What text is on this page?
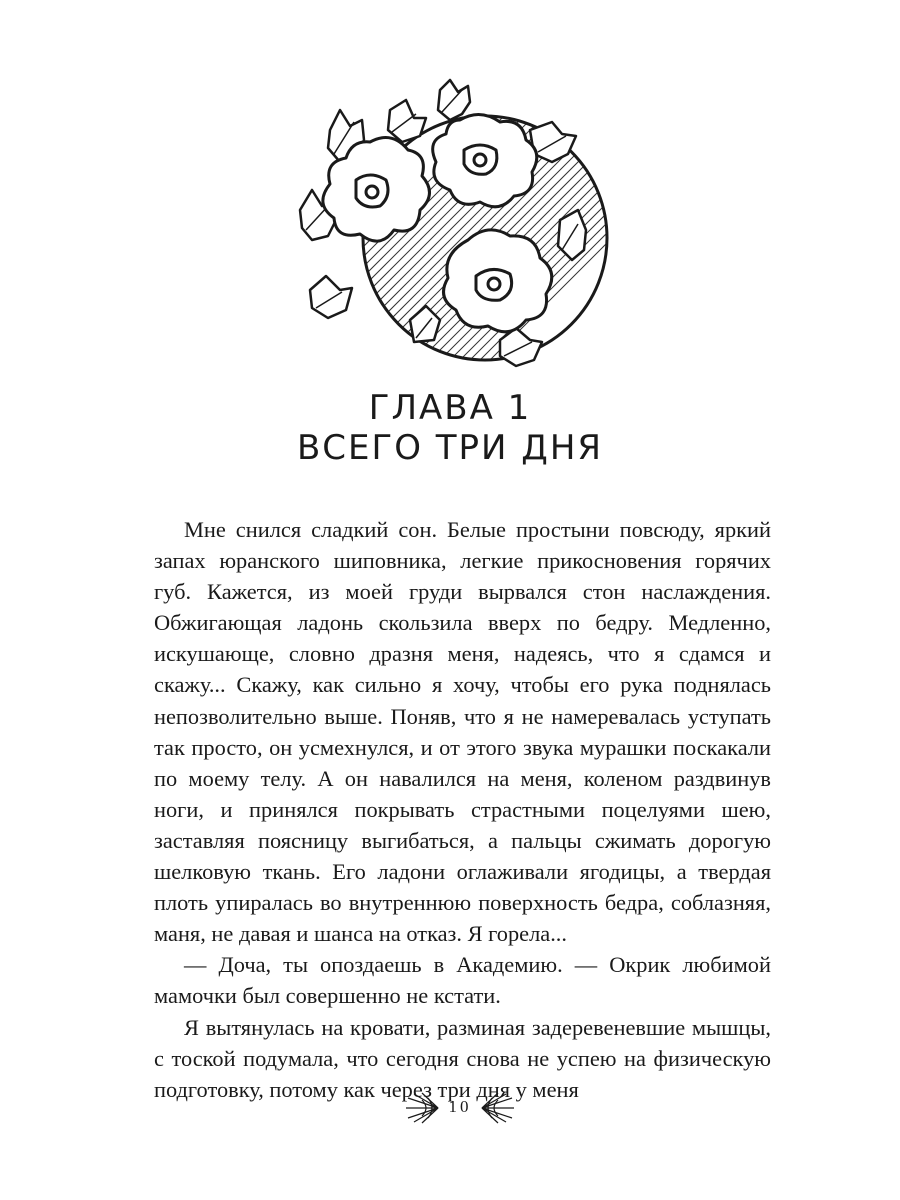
ГЛАВА 1
ВСЕГО ТРИ ДНЯ

Мне снился сладкий сон. Белые простыни повсюду, яркий запах юранского шиповника, легкие прикосновения горячих губ. Кажется, из моей груди вырвался стон наслаждения. Обжигающая ладонь скользила вверх по бедру. Медленно, искушающе, словно дразня меня, надеясь, что я сдамся и скажу... Скажу, как сильно я хочу, чтобы его рука поднялась непозволительно выше. Поняв, что я не намеревалась уступать так просто, он усмехнулся, и от этого звука мурашки поскакали по моему телу. А он навалился на меня, коленом раздвинув ноги, и принялся покрывать страстными поцелуями шею, заставляя поясницу выгибаться, а пальцы сжимать дорогую шелковую ткань. Его ладони оглаживали ягодицы, а твердая плоть упиралась во внутреннюю поверхность бедра, соблазняя, маня, не давая и шанса на отказ. Я горела...

— Доча, ты опоздаешь в Академию. — Окрик любимой мамочки был совершенно не кстати.

Я вытянулась на кровати, разминая задеревеневшие мышцы, с тоской подумала, что сегодня снова не успею на физическую подготовку, потому как через три дня у меня

10
